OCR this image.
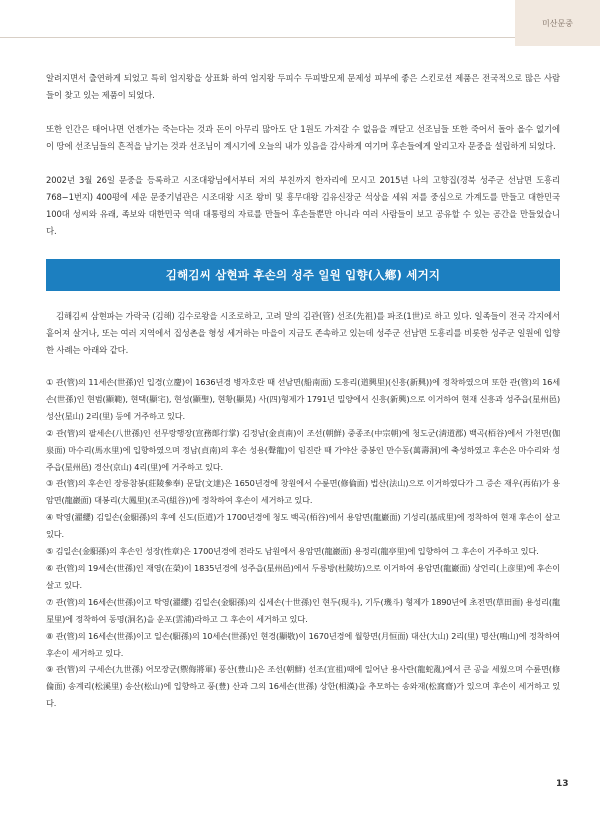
미산문중

알려지면서 출연하게 되었고 특히 엄지왕을 상표화 하여 엄지왕 두피수 두피발모제 문제성 피부에 좋은 스킨로션 제품은 전국적으로 많은 사람들이 찾고 있는 제품이 되었다.

또한 인간은 태어나면 언젠가는 죽는다는 것과 돈이 아무리 많아도 단 1원도 가져갈 수 없음을 깨닫고 선조님들 또한 죽어서 돌아 올수 없기에 이 땅에 선조님들의 흔적을 남기는 것과 선조님이 계시기에 오늘의 내가 있음을 감사하게 여기며 후손들에게 알리고자 문중을 설립하게 되었다.

2002년 3월 26일 문중을 등록하고 시조대왕님에서부터 저의 부친까지 한자리에 모시고 2015년 나의 고향집(경북 성주군 선남면 도흥리 768−1번지) 400평에 세운 문중기념관은 시조대왕 시조 왕비 및 흥무대왕 김유신장군 석상을 세워 저를 중심으로 가계도를 만들고 대한민국 100대 성씨와 유래, 족보와 대한민국 역대 대통령의 자료를 만들어 후손들뿐만 아니라 여러 사람들이 보고 공유할 수 있는 공간을 만들었습니다.

김해김씨 삼현파 후손의 성주 일원 입향(入鄕) 세거지

김해김씨 삼현파는 가락국 (김해) 김수로왕을 시조로하고, 고려 말의 김관(管) 선조(先祖)를 파조(1世)로 하고 있다. 일족들이 전국 각지에서 흩어져 살거나, 또는 여러 지역에서 집성촌을 형성 세거하는 마을이 지금도 존속하고 있는데 성주군 선남면 도흥리를 비롯한 성주군 일원에 입향한 사례는 아래와 같다.

① 관(管)의 11세손(世孫)인 입경(立慶)이 1636년경 병자호란 때 선남면(船南面) 도흥리(道興里)(신흥(新興))에 정착하였으며 또한 관(管)의 16세손(世孫)인 현범(顯範), 현택(顯宅), 현성(顯聖), 현황(顯晃) 사(四)형제가 1791년 밀양에서 신흥(新興)으로 이거하여 현재 신흥과 성주읍(星州邑) 성산(星山) 2리(里) 등에 거주하고 있다.

② 관(管)의 팔세손(八世孫)인 선무랑행장(宣務郞行掌) 김정남(金貞南)이 조선(朝鮮) 중종조(中宗朝)에 청도군(淸道郡) 백곡(栢谷)에서 가천면(伽泉面) 마수리(馬水里)에 입향하였으며 정남(貞南)의 후손 성용(聲龍)이 임진란 때 가야산 중봉인 만수동(萬壽洞)에 축성하였고 후손은 마수리와 성주읍(星州邑) 경산(京山) 4리(里)에 거주하고 있다.

③ 관(管)의 후손인 장릉참봉(莊陵參奉) 문달(文達)은 1650년경에 창원에서 수륜면(修倫面) 법산(法山)으로 이거하였다가 그 증손 재우(再佑)가 용암면(龍巖面) 대봉리(大鳳里)(조곡(組谷))에 정착하여 후손이 세거하고 있다.

④ 탁영(濯纓) 김일손(金馹孫)의 후예 신도(臣道)가 1700년경에 청도 백곡(栢谷)에서 용암면(龍巖面) 기성리(基成里)에 정착하여 현재 후손이 살고 있다.

⑤ 김일손(金馹孫)의 후손인 성장(性章)은 1700년경에 전라도 남원에서 용암면(龍巖面) 용정리(龍亭里)에 입향하여 그 후손이 거주하고 있다.

⑥ 관(管)의 19세손(世孫)인 재영(在榮)이 1835년경에 성주읍(星州邑)에서 두릉방(杜陵坊)으로 이거하여 용암면(龍巖面) 상언리(上彦里)에 후손이 살고 있다.

⑦ 관(管)의 16세손(世孫)이고 탁영(濯纓) 김일손(金馹孫)의 십세손(十世孫)인 현두(現斗), 기두(璣斗) 형제가 1890년에 초전면(草田面) 용성리(龍星里)에 정착하여 동명(洞名)을 운포(雲浦)라하고 그 후손이 세거하고 있다.

⑧ 관(管)의 16세손(世孫)이고 일손(馹孫)의 10세손(世孫)인 현경(顯敬)이 1670년경에 월항면(月恒面) 대산(大山) 2리(里) 명산(鳴山)에 정착하여 후손이 세거하고 있다.

⑨ 관(管)의 구세손(九世孫) 어모장군(禦侮將軍) 풍산(豊山)은 조선(朝鮮) 선조(宣祖)때에 일어난 용사란(龍蛇亂)에서 큰 공을 세웠으며 수륜면(修倫面) 송계리(松溪里) 송산(松山)에 입향하고 풍(豊) 산과 그의 16세손(世孫) 상한(相漢)을 추모하는 송와재(松窩齋)가 있으며 후손이 세거하고 있다.

13
